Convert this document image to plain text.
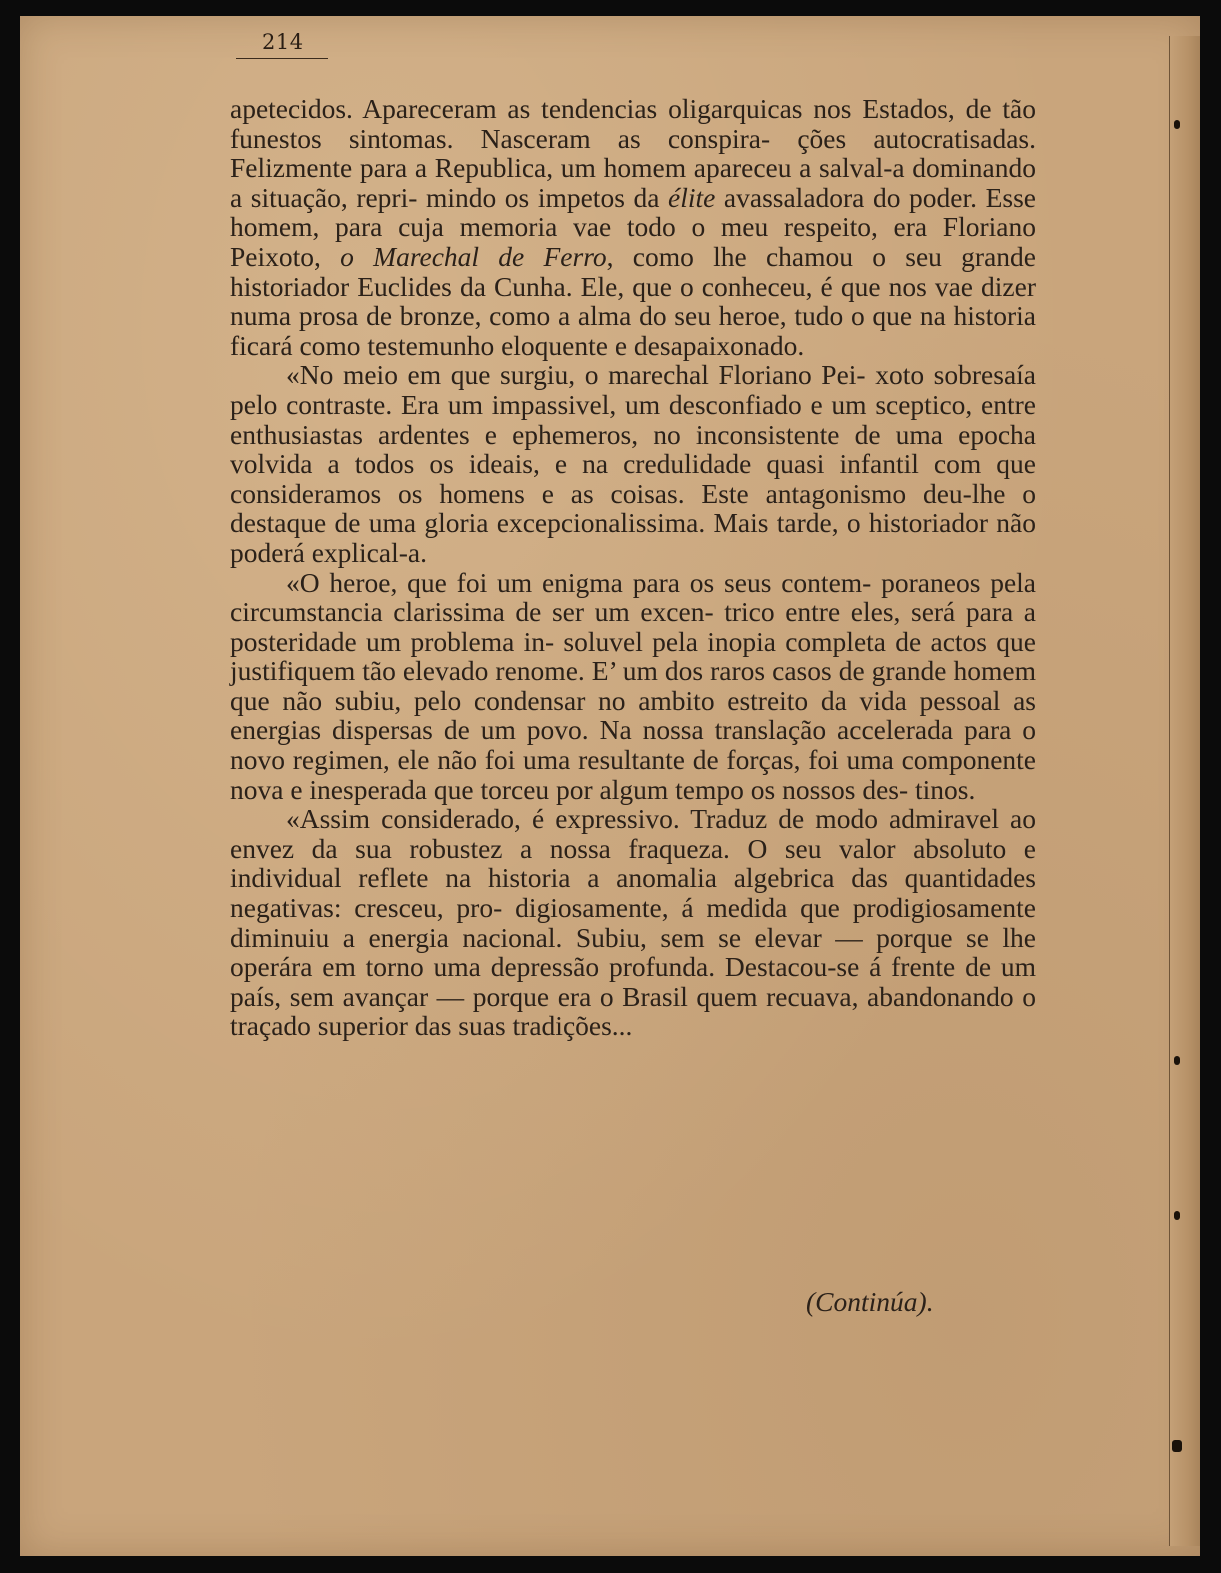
214

apetecidos. Apareceram as tendencias oligarquicas nos Estados, de tão funestos sintomas. Nasceram as conspira- ções autocratisadas. Felizmente para a Republica, um homem apareceu a salval-a dominando a situação, repri- mindo os impetos da élite avassaladora do poder. Esse homem, para cuja memoria vae todo o meu respeito, era Floriano Peixoto, o Marechal de Ferro, como lhe chamou o seu grande historiador Euclides da Cunha. Ele, que o conheceu, é que nos vae dizer numa prosa de bronze, como a alma do seu heroe, tudo o que na historia ficará como testemunho eloquente e desapaixonado.

«No meio em que surgiu, o marechal Floriano Pei- xoto sobresaía pelo contraste. Era um impassivel, um desconfiado e um sceptico, entre enthusiastas ardentes e ephemeros, no inconsistente de uma epocha volvida a todos os ideais, e na credulidade quasi infantil com que consideramos os homens e as coisas. Este antagonismo deu-lhe o destaque de uma gloria excepcionalissima. Mais tarde, o historiador não poderá explical-a.

«O heroe, que foi um enigma para os seus contem- poraneos pela circumstancia clarissima de ser um excen- trico entre eles, será para a posteridade um problema in- soluvel pela inopia completa de actos que justifiquem tão elevado renome. E’ um dos raros casos de grande homem que não subiu, pelo condensar no ambito estreito da vida pessoal as energias dispersas de um povo. Na nossa translação accelerada para o novo regimen, ele não foi uma resultante de forças, foi uma componente nova e inesperada que torceu por algum tempo os nossos des- tinos.

«Assim considerado, é expressivo. Traduz de modo admiravel ao envez da sua robustez a nossa fraqueza. O seu valor absoluto e individual reflete na historia a anomalia algebrica das quantidades negativas: cresceu, pro- digiosamente, á medida que prodigiosamente diminuiu a energia nacional. Subiu, sem se elevar — porque se lhe operára em torno uma depressão profunda. Destacou-se á frente de um país, sem avançar — porque era o Brasil quem recuava, abandonando o traçado superior das suas tradições...

(Continúa).
